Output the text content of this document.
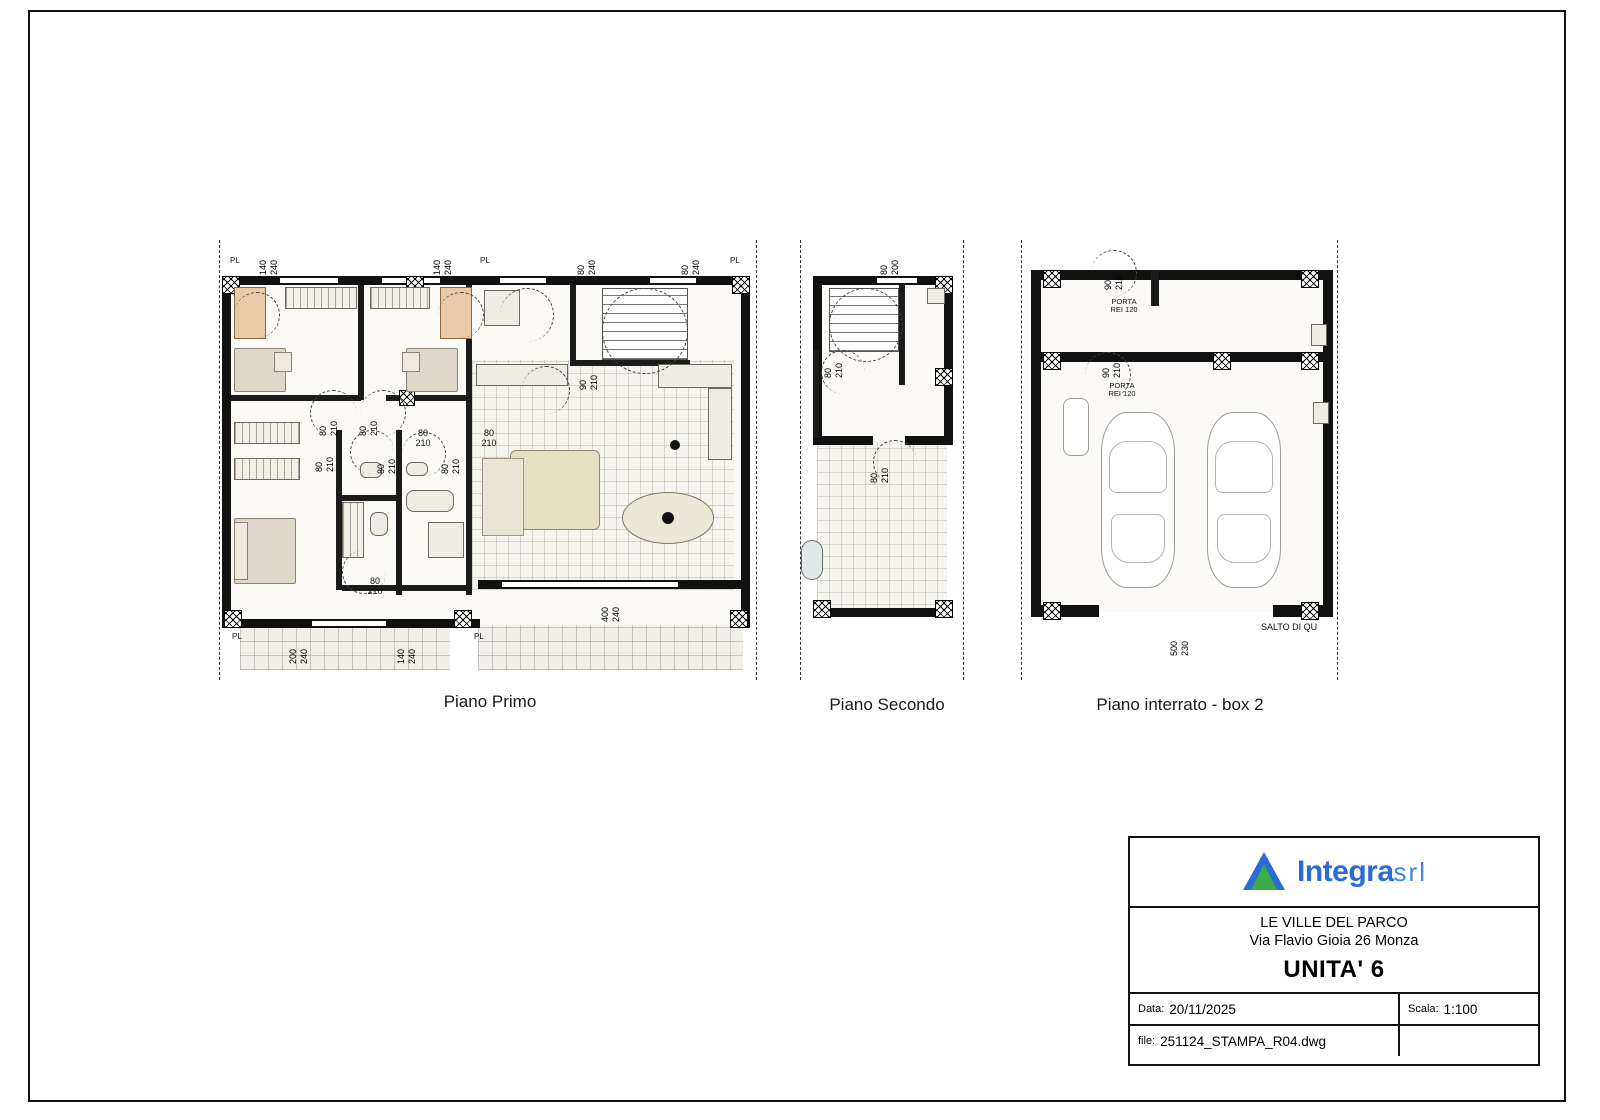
PL	PL	PL
PL	PL
140 240	140 240	80 240	80 240
200 240	140 240
400 240
90 210
80 210 80 210	80
210
80
210
80 210	80 210	80 210
80
210
Piano Primo
80 200
80 210
80 210
Piano Secondo
90 210
PORTA
REI 120
90 210
PORTA
REI 120
500 230
SALTO DI QU
Piano interrato - box 2
Integrasrl
LE VILLE DEL PARCO
Via Flavio Gioia 26 Monza
UNITA' 6
Data: 20/11/2025	Scala: 1:100
file: 251124_STAMPA_R04.dwg
